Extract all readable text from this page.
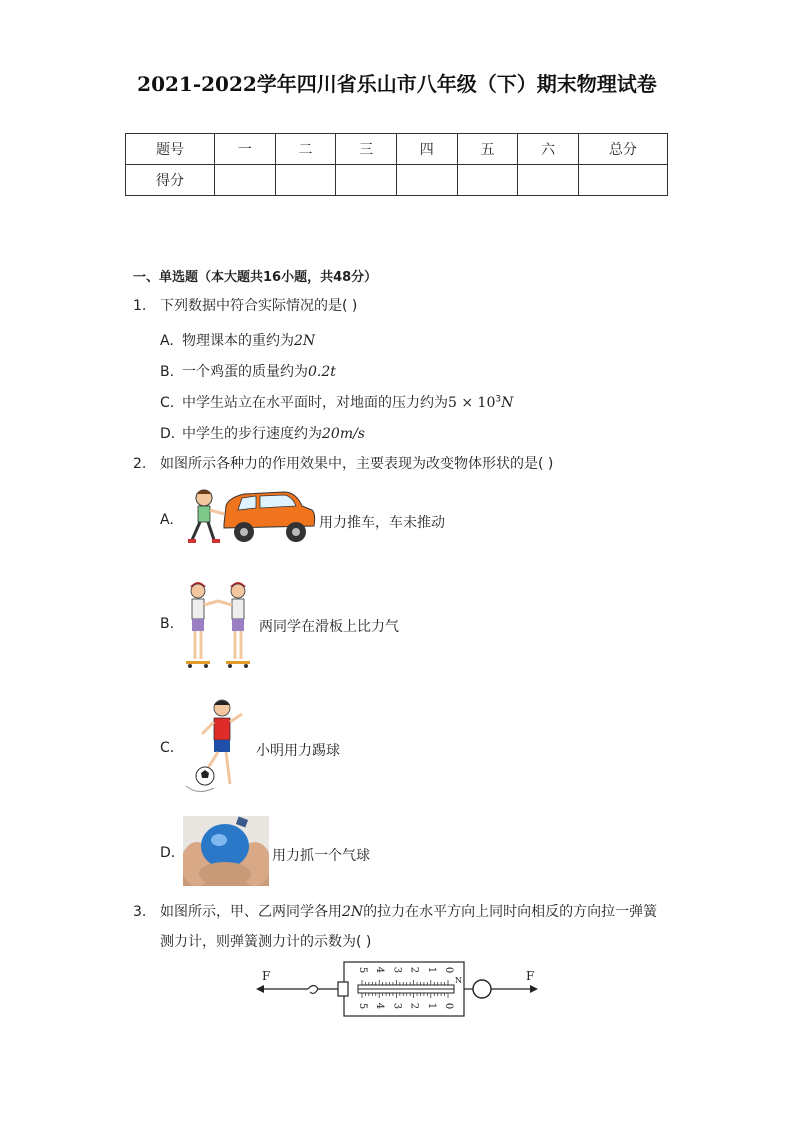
2021-2022学年四川省乐山市八年级（下）期末物理试卷
题号	一	二	三	四	五	六	总分
得分							
一、单选题（本大题共16小题，共48分）
1. 下列数据中符合实际情况的是( )
A. 物理课本的重约为2N
B. 一个鸡蛋的质量约为0.2t
C. 中学生站立在水平面时，对地面的压力约为$5 \times 10^3N$
D. 中学生的步行速度约为20m/s
2. 如图所示各种力的作用效果中，主要表现为改变物体形状的是( )
A.	用力推车，车未推动
B.	两同学在滑板上比力气
C.	小明用力踢球
D.	用力抓一个气球
3. 如图所示，甲、乙两同学各用2N的拉力在水平方向上同时向相反的方向拉一弹簧
测力计，则弹簧测力计的示数为( )
F	0
1
2
3
4
5
N
0
1
2
3
4
5
F
